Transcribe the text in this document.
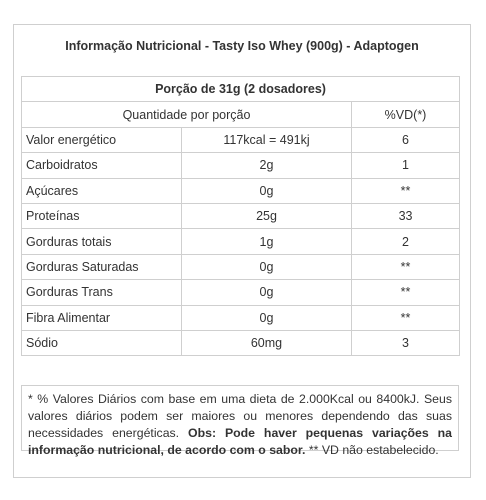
Informação Nutricional - Tasty Iso Whey (900g) - Adaptogen
Porção de 31g (2 dosadores)		
Quantidade por porção		%VD(*)
Valor energético	117kcal = 491kj	6
Carboidratos	2g	1
Açúcares	0g	**
Proteínas	25g	33
Gorduras totais	1g	2
Gorduras Saturadas	0g	**
Gorduras Trans	0g	**
Fibra Alimentar	0g	**
Sódio	60mg	3
* % Valores Diários com base em uma dieta de 2.000Kcal ou 8400kJ. Seus valores diários podem ser maiores ou menores dependendo das suas necessidades energéticas. Obs: Pode haver pequenas variações na informação nutricional, de acordo com o sabor. ** VD não estabelecido.
